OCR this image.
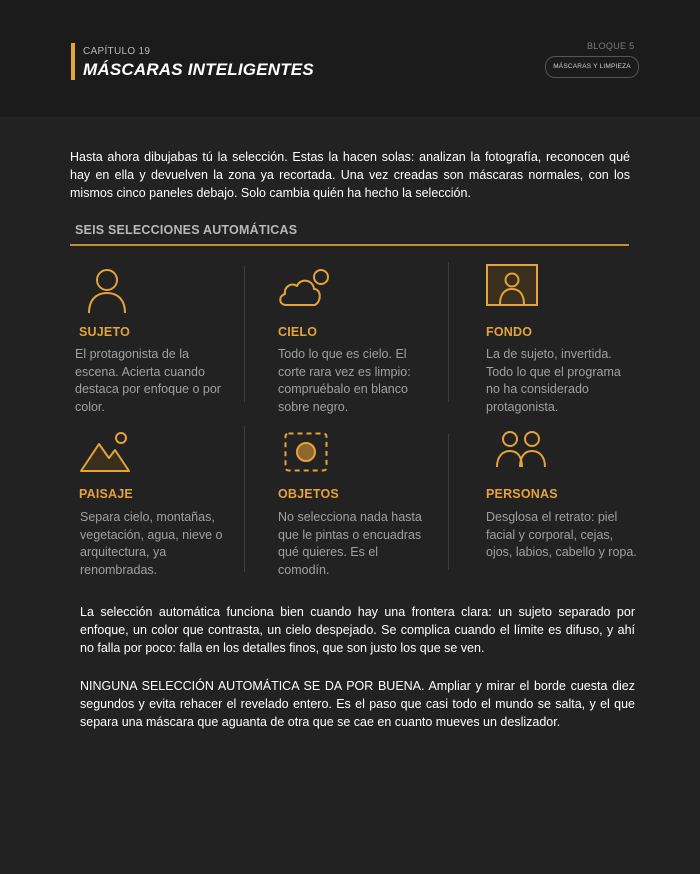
CAPÍTULO 19
MÁSCARAS INTELIGENTES
BLOQUE 5
MÁSCARAS Y LIMPIEZA
Hasta ahora dibujabas tú la selección. Estas la hacen solas: analizan la fotografía, reconocen qué hay en ella y devuelven la zona ya recortada. Una vez creadas son máscaras normales, con los mismos cinco paneles debajo. Solo cambia quién ha hecho la selección.
SEIS SELECCIONES AUTOMÁTICAS
SUJETO
El protagonista de la escena. Acierta cuando destaca por enfoque o por color.
CIELO
Todo lo que es cielo. El corte rara vez es limpio: compruébalo en blanco sobre negro.
FONDO
La de sujeto, invertida. Todo lo que el programa no ha considerado protagonista.
PAISAJE
Separa cielo, montañas, vegetación, agua, nieve o arquitectura, ya renombradas.
OBJETOS
No selecciona nada hasta que le pintas o encuadras qué quieres. Es el comodín.
PERSONAS
Desglosa el retrato: piel facial y corporal, cejas, ojos, labios, cabello y ropa.
La selección automática funciona bien cuando hay una frontera clara: un sujeto separado por enfoque, un color que contrasta, un cielo despejado. Se complica cuando el límite es difuso, y ahí no falla por poco: falla en los detalles finos, que son justo los que se ven.
NINGUNA SELECCIÓN AUTOMÁTICA SE DA POR BUENA. Ampliar y mirar el borde cuesta diez segundos y evita rehacer el revelado entero. Es el paso que casi todo el mundo se salta, y el que separa una máscara que aguanta de otra que se cae en cuanto mueves un deslizador.
